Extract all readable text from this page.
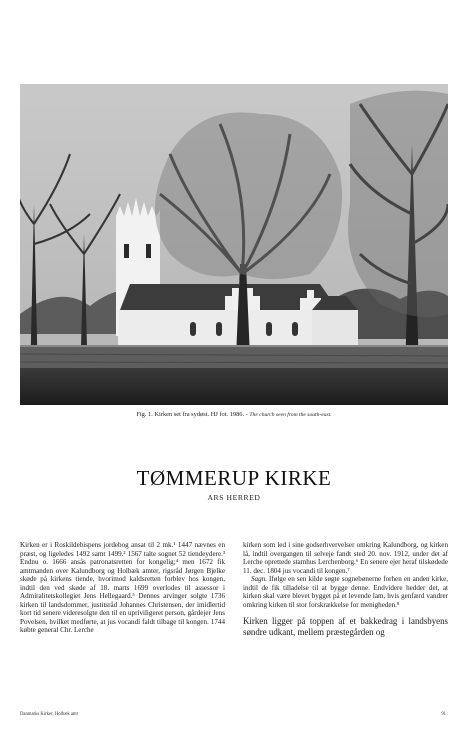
Fig. 1. Kirken set fra sydøst. HJ fot. 1986. - The church seen from the south-east.
TØMMERUP KIRKE
ARS HERRED

Kirken er i Roskildebispens jordebog ansat til 2 mk.¹ 1447 nævnes en præst, og ligeledes 1492 samt 1499.² 1567 talte sognet 52 tiendeydere.³ Endnu o. 1666 ansås patronatsretten for kongelig;⁴ men 1672 fik amtmanden over Kalundborg og Holbæk amter, rigsråd Jørgen Bjelke skøde på kirkens tiende, hvorimod kaldsretten forblev hos kongen, indtil den ved skøde af 18. marts 1699 overlodes til assessor i Admiralitetskollegiet Jens Hellegaard.⁵ Dennes arvinger solgte 1736 kirken til landsdommer, justitsråd Johannes Christensen, der imidlertid kort tid senere videresolgte den til en upriviligeret person, gårdejer Jens Povelsen, hvilket medførte, at jus vocandi faldt tilbage til kongen. 1744 købte general Chr. Lerche

kirken som led i sine godserhvervelser omkring Kalundborg, og kirken lå, indtil overgangen til selveje fandt sted 20. nov. 1912, under det af Lerche oprettede stamhus Lerchenborg.⁶ En senere ejer heraf tilskødede 11. dec. 1804 jus vocandi til kongen.⁷

Sagn. Ifølge en sen kilde søgte sognebønerne forhen en anden kirke, indtil de fik tilladelse til at bygge denne. Endvidere hedder det, at kirken skal være blevet bygget på et levende lam, hvis genfærd vandrer omkring kirken til stor forskrækkelse for menigheden.⁸

Kirken ligger på toppen af et bakkedrag i landsbyens søndre udkant, mellem præstegården og

Danmarks Kirker, Holbæk amt	91
